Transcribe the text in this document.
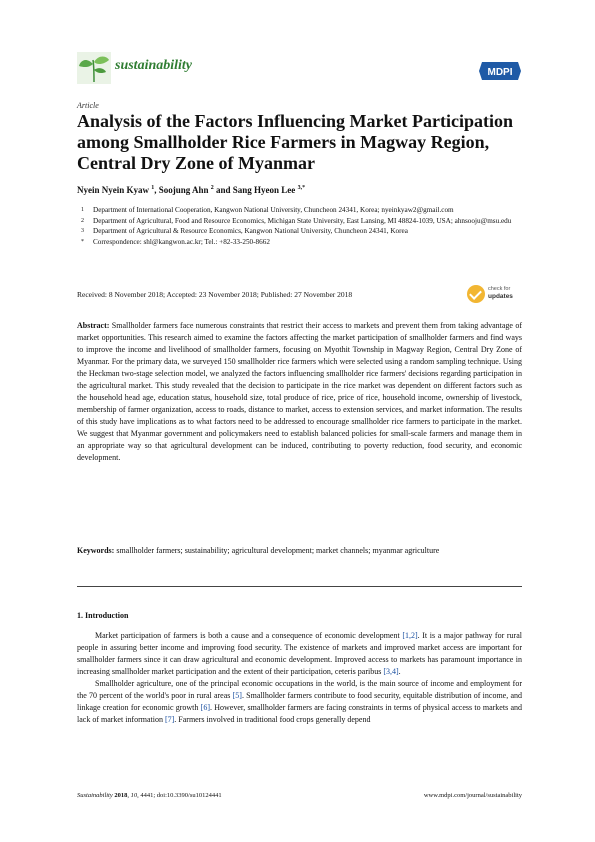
sustainability	MDPI
Article
Analysis of the Factors Influencing Market Participation among Smallholder Rice Farmers in Magway Region, Central Dry Zone of Myanmar
Nyein Nyein Kyaw $^1$, Soojung Ahn $^2$ and Sang Hyeon Lee $^{3,*}$
1 Department of International Cooperation, Kangwon National University, Chuncheon 24341, Korea; nyeinkyaw2@gmail.com
2 Department of Agricultural, Food and Resource Economics, Michigan State University, East Lansing, MI 48824-1039, USA; ahnsooju@msu.edu
3 Department of Agricultural & Resource Economics, Kangwon National University, Chuncheon 24341, Korea
* Correspondence: shl@kangwon.ac.kr; Tel.: +82-33-250-8662
Received: 8 November 2018; Accepted: 23 November 2018; Published: 27 November 2018
check for
updates

Abstract: Smallholder farmers face numerous constraints that restrict their access to markets and prevent them from taking advantage of market opportunities. This research aimed to examine the factors affecting the market participation of smallholder farmers and find ways to improve the income and livelihood of smallholder farmers, focusing on Myothit Township in Magway Region, Central Dry Zone of Myanmar. For the primary data, we surveyed 150 smallholder rice farmers which were selected using a random sampling technique. Using the Heckman two-stage selection model, we analyzed the factors influencing smallholder rice farmers' decisions regarding participation in the agricultural market. This study revealed that the decision to participate in the rice market was dependent on different factors such as the household head age, education status, household size, total produce of rice, price of rice, household income, ownership of livestock, membership of farmer organization, access to roads, distance to market, access to extension services, and market information. The results of this study have implications as to what factors need to be addressed to encourage smallholder rice farmers to participate in the market. We suggest that Myanmar government and policymakers need to establish balanced policies for small-scale farmers and manage them in an appropriate way so that agricultural development can be induced, contributing to poverty reduction, food security, and economic development.

Keywords: smallholder farmers; sustainability; agricultural development; market channels; myanmar agriculture

1. Introduction

Market participation of farmers is both a cause and a consequence of economic development [1,2]. It is a major pathway for rural people in assuring better income and improving food security. The existence of markets and improved market access are important for smallholder farmers since it can draw agricultural and economic development. Improved access to markets has paramount importance in increasing smallholder market participation and the extent of their participation, ceteris paribus [3,4].

Smallholder agriculture, one of the principal economic occupations in the world, is the main source of income and employment for the 70 percent of the world's poor in rural areas [5]. Smallholder farmers contribute to food security, equitable distribution of income, and linkage creation for economic growth [6]. However, smallholder farmers are facing constraints in terms of physical access to markets and lack of market information [7]. Farmers involved in traditional food crops generally depend

Sustainability 2018, 10, 4441; doi:10.3390/su10124441	www.mdpi.com/journal/sustainability
